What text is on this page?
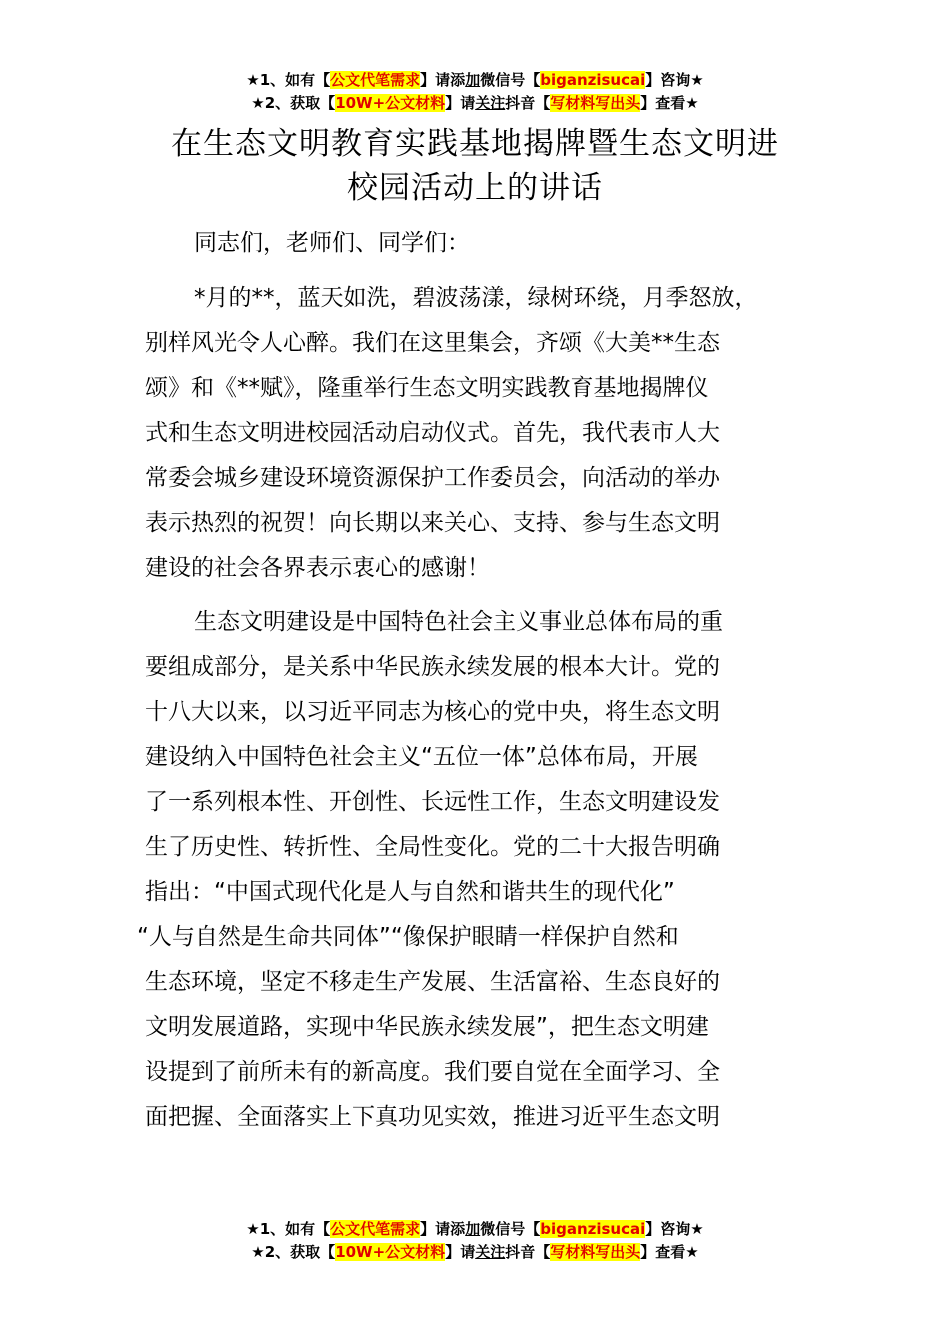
★1、如有【公文代笔需求】请添加微信号【biganzisucai】咨询★
★2、获取【10W+公文材料】请关注抖音【写材料写出头】查看★
在生态文明教育实践基地揭牌暨生态文明进
校园活动上的讲话
同志们，老师们、同学们：
*月的**，蓝天如洗，碧波荡漾，绿树环绕，月季怒放，
别样风光令人心醉。我们在这里集会，齐颂《大美**生态
颂》和《**赋》，隆重举行生态文明实践教育基地揭牌仪
式和生态文明进校园活动启动仪式。首先，我代表市人大
常委会城乡建设环境资源保护工作委员会，向活动的举办
表示热烈的祝贺！向长期以来关心、支持、参与生态文明
建设的社会各界表示衷心的感谢！
生态文明建设是中国特色社会主义事业总体布局的重
要组成部分，是关系中华民族永续发展的根本大计。党的
十八大以来，以习近平同志为核心的党中央，将生态文明
建设纳入中国特色社会主义“五位一体”总体布局，开展
了一系列根本性、开创性、长远性工作，生态文明建设发
生了历史性、转折性、全局性变化。党的二十大报告明确
指出：“中国式现代化是人与自然和谐共生的现代化”
“人与自然是生命共同体”“像保护眼睛一样保护自然和
生态环境，坚定不移走生产发展、生活富裕、生态良好的
文明发展道路，实现中华民族永续发展”，把生态文明建
设提到了前所未有的新高度。我们要自觉在全面学习、全
面把握、全面落实上下真功见实效，推进习近平生态文明
★1、如有【公文代笔需求】请添加微信号【biganzisucai】咨询★
★2、获取【10W+公文材料】请关注抖音【写材料写出头】查看★
